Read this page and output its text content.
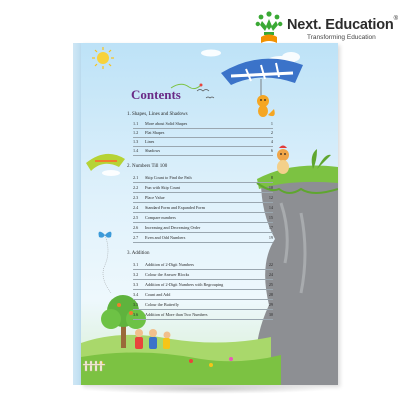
Next. Education®
Transforming Education
Contents
1. Shapes, Lines and Shadows
1.1 More about Solid Shapes	1
1.2 Flat Shapes	2
1.3 Lines	4
1.4 Shadows	6
2. Numbers Till 100
2.1 Skip Count to Find the Path	8
2.2 Fun with Skip Count	10
2.3 Place Value	12
2.4 Standard Form and Expanded Form	14
2.5 Compare numbers	15
2.6 Increasing and Decreasing Order	17
2.7 Even and Odd Numbers	19
3. Addition
3.1 Addition of 2-Digit Numbers	22
3.2 Colour the Answer Blocks	24
3.3 Addition of 2-Digit Numbers with Regrouping	25
3.4 Count and Add	28
3.5 Colour the Butterfly	29
3.6 Addition of More than Two Numbers	30
